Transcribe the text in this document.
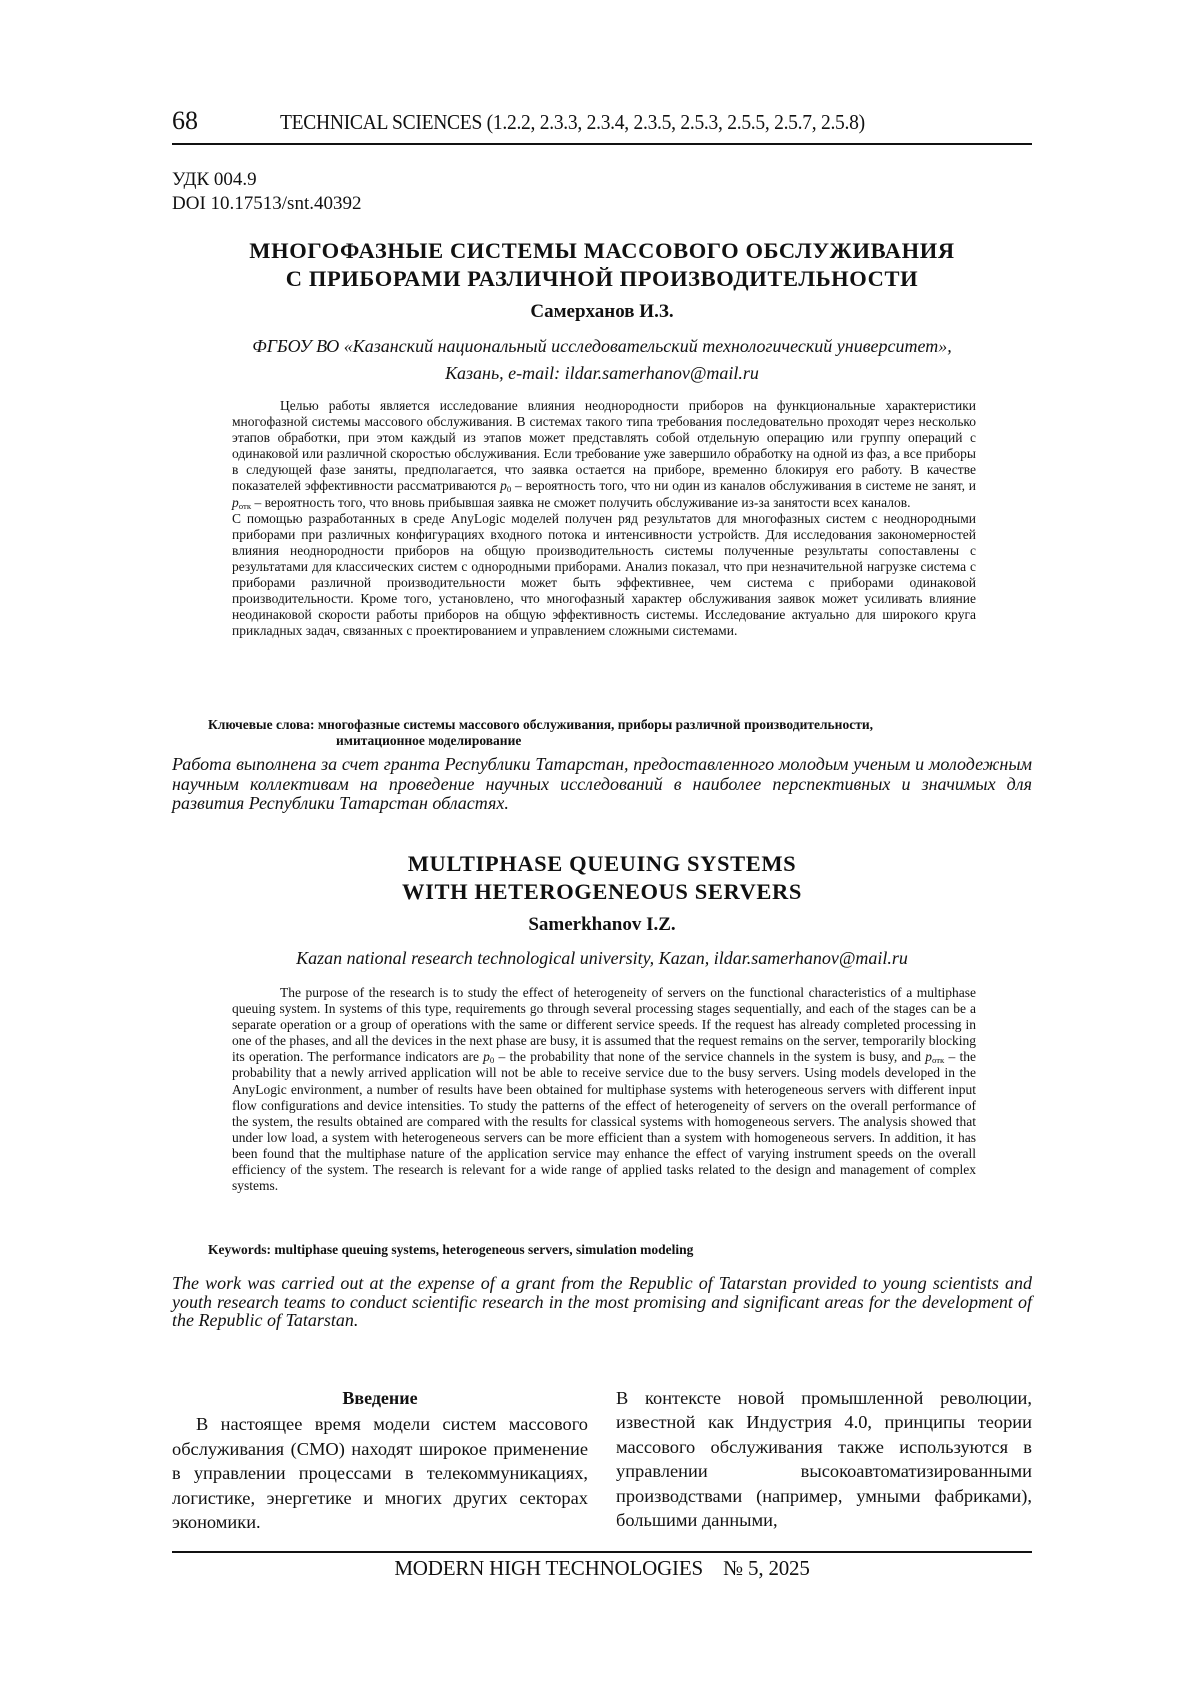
68	TECHNICAL SCIENCES (1.2.2, 2.3.3, 2.3.4, 2.3.5, 2.5.3, 2.5.5, 2.5.7, 2.5.8)
УДК 004.9
DOI 10.17513/snt.40392
МНОГОФАЗНЫЕ СИСТЕМЫ МАССОВОГО ОБСЛУЖИВАНИЯ
С ПРИБОРАМИ РАЗЛИЧНОЙ ПРОИЗВОДИТЕЛЬНОСТИ
Самерханов И.З.
ФГБОУ ВО «Казанский национальный исследовательский технологический университет»,
Казань, e-mail: ildar.samerhanov@mail.ru

Целью работы является исследование влияния неоднородности приборов на функциональные характеристики многофазной системы массового обслуживания. В системах такого типа требования последовательно проходят через несколько этапов обработки, при этом каждый из этапов может представлять собой отдельную операцию или группу операций с одинаковой или различной скоростью обслуживания. Если требование уже завершило обработку на одной из фаз, а все приборы в следующей фазе заняты, предполагается, что заявка остается на приборе, временно блокируя его работу. В качестве показателей эффективности рассматриваются $p_0$ – вероятность того, что ни один из каналов обслуживания в системе не занят, и $p_{отк}$ – вероятность того, что вновь прибывшая заявка не сможет получить обслуживание из-за занятости всех каналов.

С помощью разработанных в среде AnyLogic моделей получен ряд результатов для многофазных систем с неоднородными приборами при различных конфигурациях входного потока и интенсивности устройств. Для исследования закономерностей влияния неоднородности приборов на общую производительность системы полученные результаты сопоставлены с результатами для классических систем с однородными приборами. Анализ показал, что при незначительной нагрузке система с приборами различной производительности может быть эффективнее, чем система с приборами одинаковой производительности. Кроме того, установлено, что многофазный характер обслуживания заявок может усиливать влияние неодинаковой скорости работы приборов на общую эффективность системы. Исследование актуально для широкого круга прикладных задач, связанных с проектированием и управлением сложными системами.

Ключевые слова: многофазные системы массового обслуживания, приборы различной производительности,
имитационное моделирование
Работа выполнена за счет гранта Республики Татарстан, предоставленного молодым ученым и молодежным научным коллективам на проведение научных исследований в наиболее перспективных и значимых для развития Республики Татарстан областях.
MULTIPHASE QUEUING SYSTEMS
WITH HETEROGENEOUS SERVERS
Samerkhanov I.Z.
Kazan national research technological university, Kazan, ildar.samerhanov@mail.ru

The purpose of the research is to study the effect of heterogeneity of servers on the functional characteristics of a multiphase queuing system. In systems of this type, requirements go through several processing stages sequentially, and each of the stages can be a separate operation or a group of operations with the same or different service speeds. If the request has already completed processing in one of the phases, and all the devices in the next phase are busy, it is assumed that the request remains on the server, temporarily blocking its operation. The performance indicators are $p_0$ – the probability that none of the service channels in the system is busy, and $p_{отк}$ – the probability that a newly arrived application will not be able to receive service due to the busy servers. Using models developed in the AnyLogic environment, a number of results have been obtained for multiphase systems with heterogeneous servers with different input flow configurations and device intensities. To study the patterns of the effect of heterogeneity of servers on the overall performance of the system, the results obtained are compared with the results for classical systems with homogeneous servers. The analysis showed that under low load, a system with heterogeneous servers can be more efficient than a system with homogeneous servers. In addition, it has been found that the multiphase nature of the application service may enhance the effect of varying instrument speeds on the overall efficiency of the system. The research is relevant for a wide range of applied tasks related to the design and management of complex systems.

Keywords: multiphase queuing systems, heterogeneous servers, simulation modeling
The work was carried out at the expense of a grant from the Republic of Tatarstan provided to young scientists and youth research teams to conduct scientific research in the most promising and significant areas for the development of the Republic of Tatarstan.
Введение

В настоящее время модели систем массового обслуживания (СМО) находят широкое применение в управлении процессами в телекоммуникациях, логистике, энергетике и многих других секторах экономики.

В контексте новой промышленной революции, известной как Индустрия 4.0, принципы теории массового обслуживания также используются в управлении высокоавтоматизированными производствами (например, умными фабриками), большими данными,

MODERN HIGH TECHNOLOGIES    № 5, 2025
